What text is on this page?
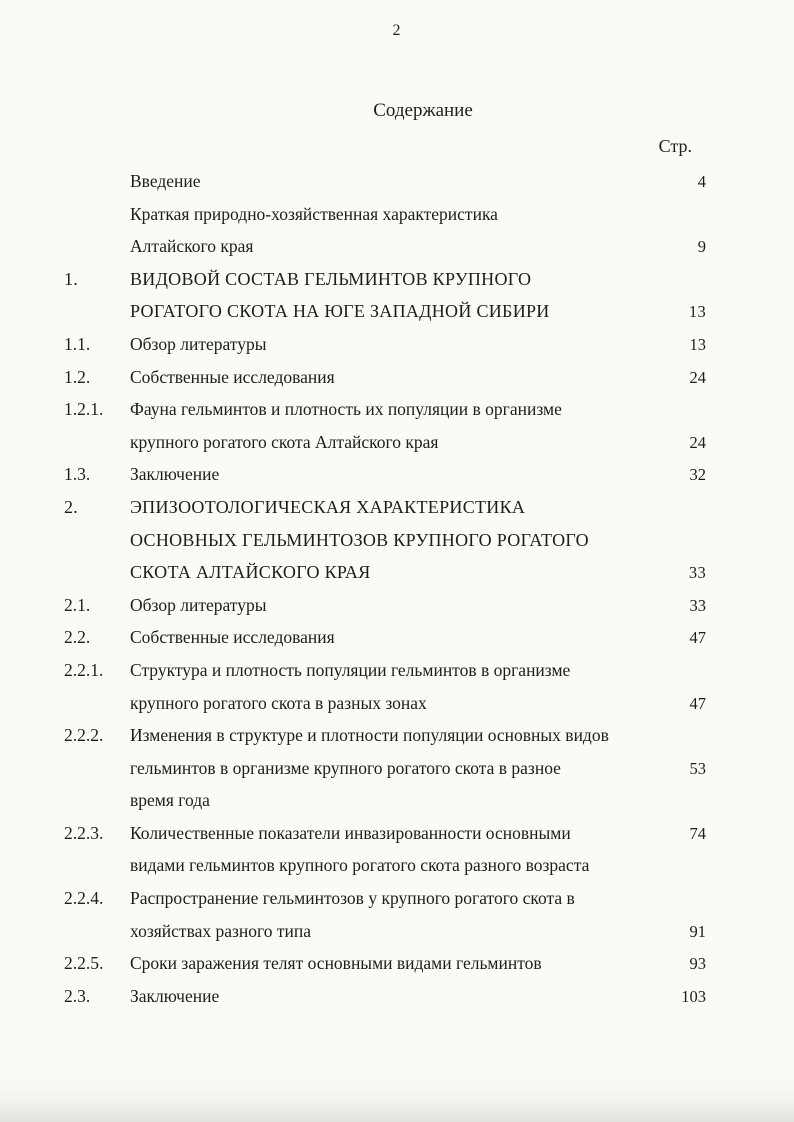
2
Содержание
Стр.
Введение	4
Краткая природно-хозяйственная характеристика
Алтайского края	9
1.	ВИДОВОЙ СОСТАВ ГЕЛЬМИНТОВ КРУПНОГО
РОГАТОГО СКОТА НА ЮГЕ ЗАПАДНОЙ СИБИРИ	13
1.1.	Обзор литературы	13
1.2.	Собственные исследования	24
1.2.1.	Фауна гельминтов и плотность их популяции в организме
крупного рогатого скота Алтайского края	24
1.3.	Заключение	32
2.	ЭПИЗООТОЛОГИЧЕСКАЯ ХАРАКТЕРИСТИКА
ОСНОВНЫХ ГЕЛЬМИНТОЗОВ КРУПНОГО РОГАТОГО
СКОТА АЛТАЙСКОГО КРАЯ	33
2.1.	Обзор литературы	33
2.2.	Собственные исследования	47
2.2.1.	Структура и плотность популяции гельминтов в организме
крупного рогатого скота в разных зонах	47
2.2.2.	Изменения в структуре и плотности популяции основных видов
гельминтов в организме крупного рогатого скота в разное	53
время года
2.2.3.	Количественные показатели инвазированности основными	74
видами гельминтов крупного рогатого скота разного возраста
2.2.4.	Распространение гельминтозов у крупного рогатого скота в
хозяйствах разного типа	91
2.2.5.	Сроки заражения телят основными видами гельминтов	93
2.3.	Заключение	103
